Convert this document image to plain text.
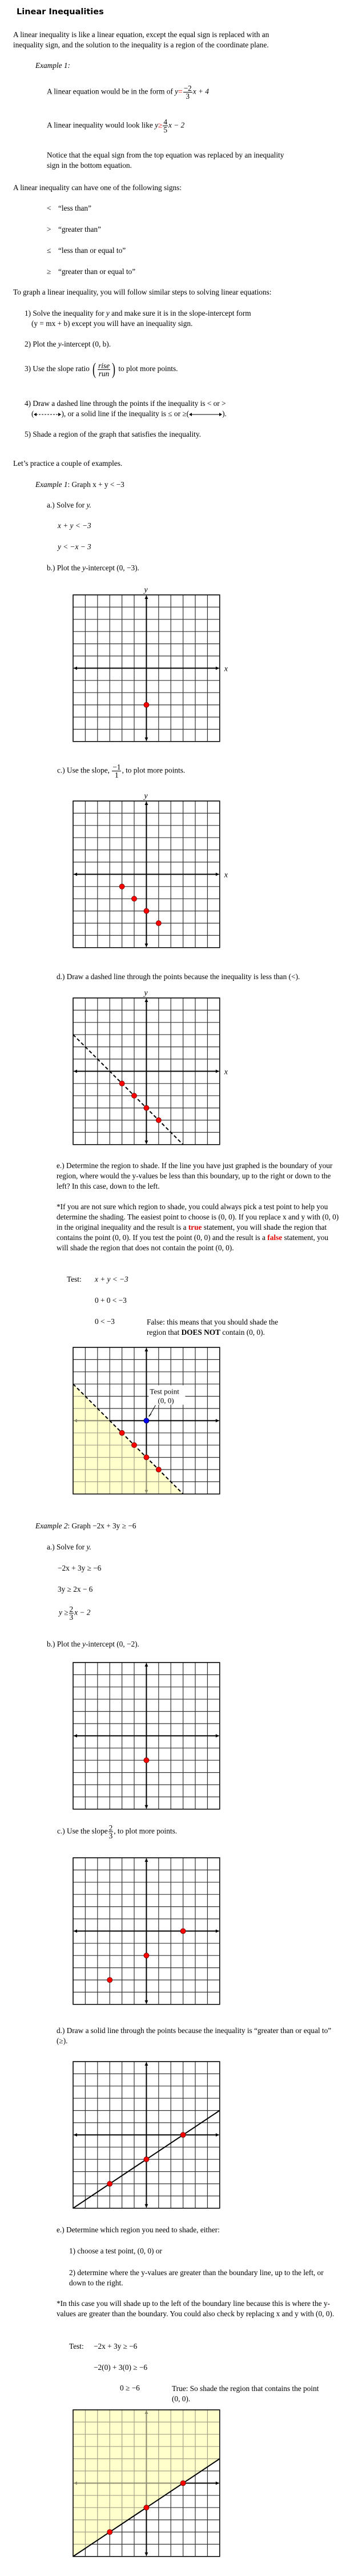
Linear Inequalities
A linear inequality is like a linear equation, except the equal sign is replaced with an inequality sign, and the solution to the inequality is a region of the coordinate plane.
Example 1:
A linear equation would be in the form of $y= \frac{-2}{3}$ x + 4
A linear inequality would look like $y\ge \frac{4}{5}$ x − 2
Notice that the equal sign from the top equation was replaced by an inequality sign in the bottom equation.
A linear inequality can have one of the following signs:
< “less than”
> “greater than”
≤ “less than or equal to”
≥ “greater than or equal to”
To graph a linear inequality, you will follow similar steps to solving linear equations:
1) Solve the inequality for y and make sure it is in the slope-intercept form
(y = mx + b) except you will have an inequality sign.
2) Plot the y-intercept (0, b).
3) Use the slope ratio ( $\frac{\text{rise}}{\text{run}}$ ) to plot more points.
4) Draw a dashed line through the points if the inequality is < or >
(	), or a solid line if the inequality is ≤ or ≥(	).
5) Shade a region of the graph that satisfies the inequality.
Let’s practice a couple of examples.
Example 1: Graph x + y < −3
a.) Solve for y.
x + y < −3
y < −x − 3
b.) Plot the y-intercept (0, −3).
x
y
c.) Use the slope, $\frac{-1}{1}$ , to plot more points.
x
y
d.) Draw a dashed line through the points because the inequality is less than (<).
x
y
e.) Determine the region to shade. If the line you have just graphed is the boundary of your region, where would the y-values be less than this boundary, up to the right or down to the left? In this case, down to the left.
*If you are not sure which region to shade, you could always pick a test point to help you determine the shading. The easiest point to choose is (0, 0). If you replace x and y with (0, 0) in the original inequality and the result is a true statement, you will shade the region that contains the point (0, 0). If you test the point (0, 0) and the result is a false statement, you will shade the region that does not contain the point (0, 0).
Test: x + y < −3
0 + 0 < −3
0 < −3	False: this means that you should shade the region that DOES NOT contain (0, 0).
Test point
(0, 0)
Example 2: Graph −2x + 3y ≥ −6
a.) Solve for y.
−2x + 3y ≥ −6
3y ≥ 2x − 6
$y \ge \frac{2}{3}$ x − 2
b.) Plot the y-intercept (0, −2).
c.) Use the slope $\frac{2}{3}$ , to plot more points.
d.) Draw a solid line through the points because the inequality is “greater than or equal to” (≥).
e.) Determine which region you need to shade, either:
1) choose a test point, (0, 0) or
2) determine where the y-values are greater than the boundary line, up to the left, or down to the right.
*In this case you will shade up to the left of the boundary line because this is where the y-values are greater than the boundary. You could also check by replacing x and y with (0, 0).
Test: −2x + 3y ≥ −6
−2(0) + 3(0) ≥ −6
0 ≥ −6	True: So shade the region that contains the point (0, 0).
